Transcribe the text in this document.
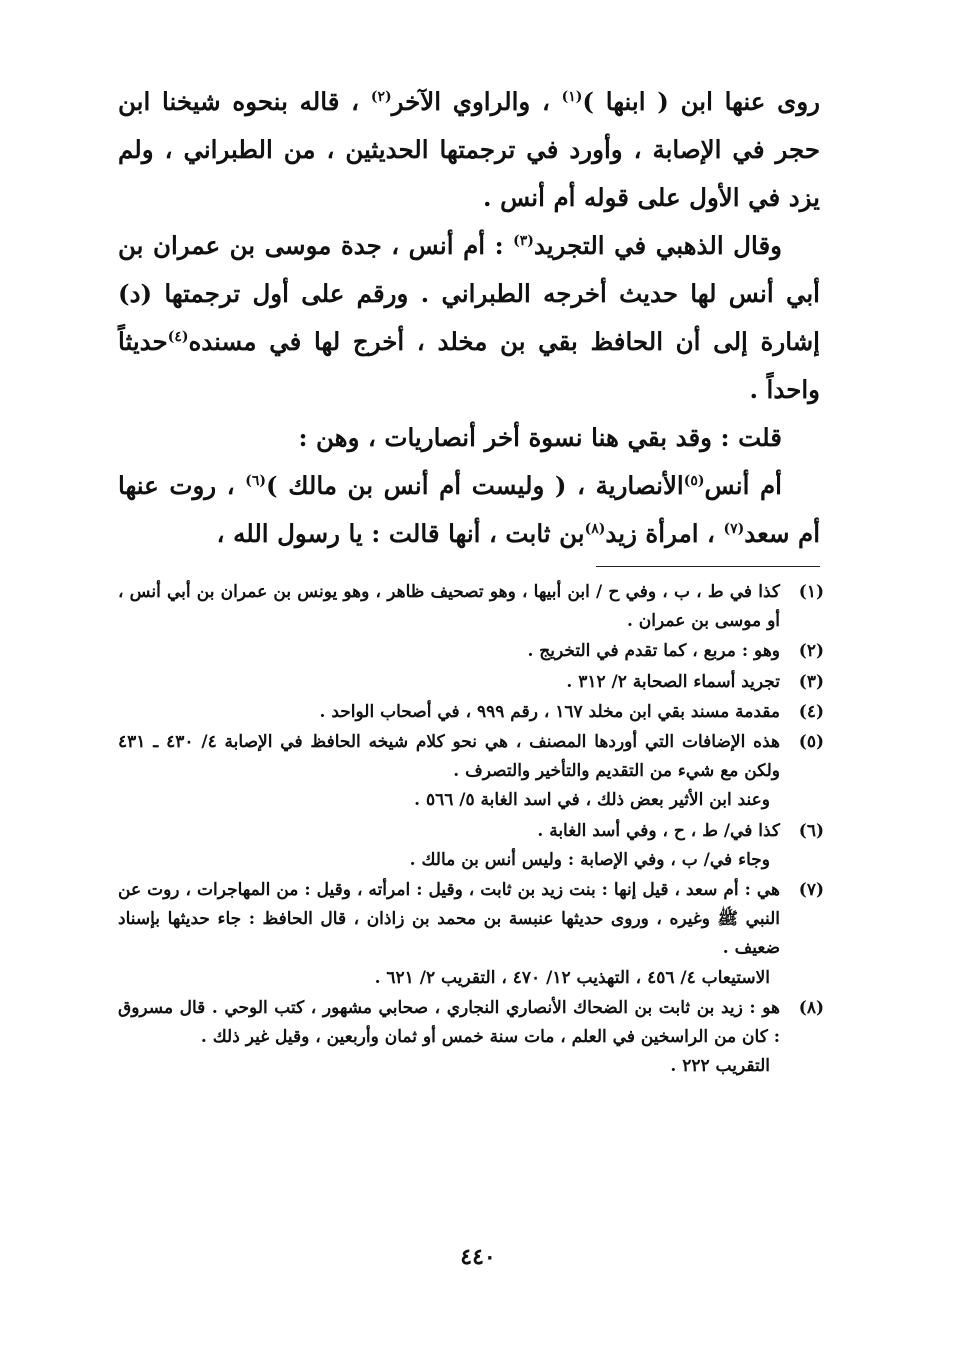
روى عنها ابن ( ابنها )$^{(١)}$ ، والراوي الآخر$^{(٢)}$ ، قاله بنحوه شيخنا ابن حجر في الإصابة ، وأورد في ترجمتها الحديثين ، من الطبراني ، ولم يزد في الأول على قوله أم أنس .

وقال الذهبي في التجريد$^{(٣)}$ : أم أنس ، جدة موسى بن عمران بن أبي أنس لها حديث أخرجه الطبراني . ورقم على أول ترجمتها (د) إشارة إلى أن الحافظ بقي بن مخلد ، أخرج لها في مسنده$^{(٤)}$حديثاً واحداً .

قلت : وقد بقي هنا نسوة أخر أنصاريات ، وهن :

أم أنس$^{(٥)}$الأنصارية ، ( وليست أم أنس بن مالك )$^{(٦)}$ ، روت عنها أم سعد$^{(٧)}$ ، امرأة زيد$^{(٨)}$بن ثابت ، أنها قالت : يا رسول الله ،

(١)
كذا في ط ، ب ، وفي ح / ابن أبيها ، وهو تصحيف ظاهر ، وهو يونس بن عمران بن أبي أنس ، أو موسى بن عمران .
(٢)
وهو : مربع ، كما تقدم في التخريج .
(٣)
تجريد أسماء الصحابة ٢/ ٣١٢ .
(٤)
مقدمة مسند بقي ابن مخلد ١٦٧ ، رقم ٩٩٩ ، في أصحاب الواحد .
(٥)
هذه الإضافات التي أوردها المصنف ، هي نحو كلام شيخه الحافظ في الإصابة ٤/ ٤٣٠ ـ ٤٣١ ولكن مع شيء من التقديم والتأخير والتصرف .
وعند ابن الأثير بعض ذلك ، في اسد الغابة ٥/ ٥٦٦ .
(٦)
كذا في/ ط ، ح ، وفي أسد الغابة .
وجاء في/ ب ، وفي الإصابة : وليس أنس بن مالك .
(٧)
هي : أم سعد ، قيل إنها : بنت زيد بن ثابت ، وقيل : امرأته ، وقيل : من المهاجرات ، روت عن النبي ﷺ وغيره ، وروى حديثها عنبسة بن محمد بن زاذان ، قال الحافظ : جاء حديثها بإسناد ضعيف .
الاستيعاب ٤/ ٤٥٦ ، التهذيب ١٢/ ٤٧٠ ، التقريب ٢/ ٦٢١ .
(٨)
هو : زيد بن ثابت بن الضحاك الأنصاري النجاري ، صحابي مشهور ، كتب الوحي . قال مسروق : كان من الراسخين في العلم ، مات سنة خمس أو ثمان وأربعين ، وقيل غير ذلك .
التقريب ٢٢٢ .
٤٤٠
